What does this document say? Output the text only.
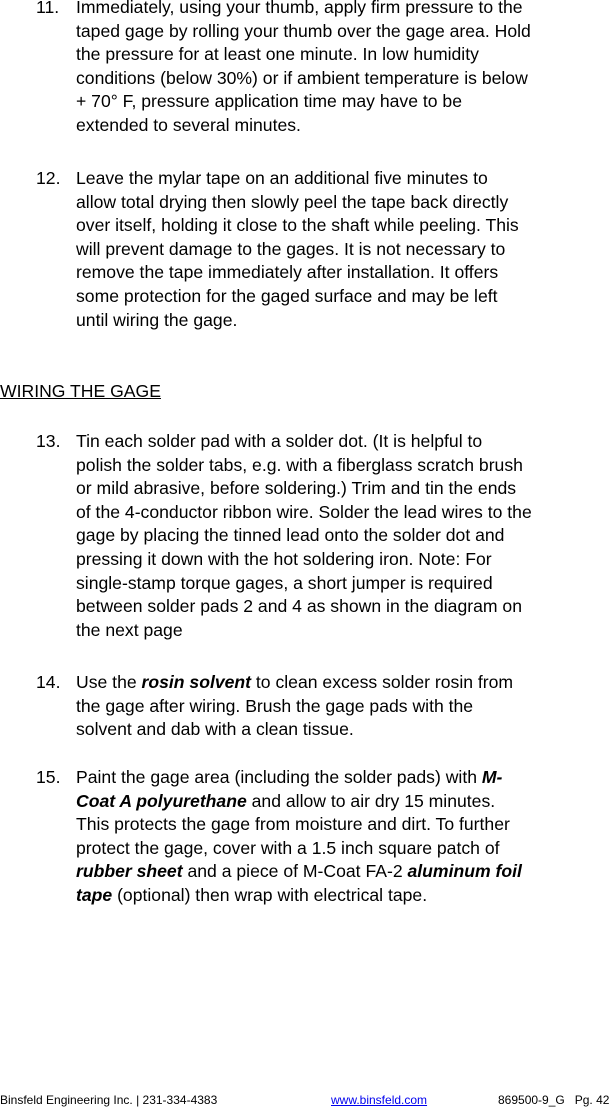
11. Immediately, using your thumb, apply firm pressure to the
taped gage by rolling your thumb over the gage area. Hold
the pressure for at least one minute. In low humidity
conditions (below 30%) or if ambient temperature is below
+ 70° F, pressure application time may have to be
extended to several minutes.
12. Leave the mylar tape on an additional five minutes to
allow total drying then slowly peel the tape back directly
over itself, holding it close to the shaft while peeling. This
will prevent damage to the gages. It is not necessary to
remove the tape immediately after installation. It offers
some protection for the gaged surface and may be left
until wiring the gage.
WIRING THE GAGE
13. Tin each solder pad with a solder dot. (It is helpful to
polish the solder tabs, e.g. with a fiberglass scratch brush
or mild abrasive, before soldering.) Trim and tin the ends
of the 4-conductor ribbon wire. Solder the lead wires to the
gage by placing the tinned lead onto the solder dot and
pressing it down with the hot soldering iron. Note: For
single-stamp torque gages, a short jumper is required
between solder pads 2 and 4 as shown in the diagram on
the next page
14. Use the rosin solvent to clean excess solder rosin from
the gage after wiring. Brush the gage pads with the
solvent and dab with a clean tissue.
15. Paint the gage area (including the solder pads) with M-
Coat A polyurethane and allow to air dry 15 minutes.
This protects the gage from moisture and dirt. To further
protect the gage, cover with a 1.5 inch square patch of
rubber sheet and a piece of M-Coat FA-2 aluminum foil
tape (optional) then wrap with electrical tape.
Binsfeld Engineering Inc. | 231-334-4383	www.binsfeld.com	869500-9_G   Pg. 42
